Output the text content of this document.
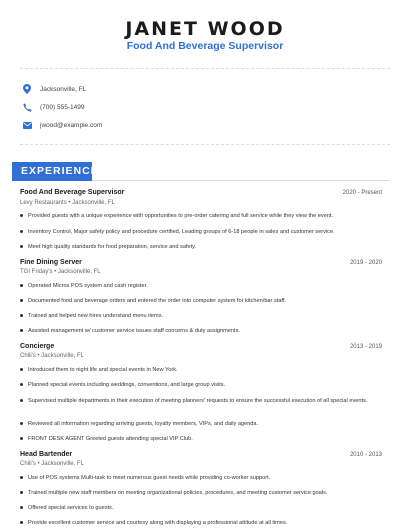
JANET WOOD
Food And Beverage Supervisor
Jacksonville, FL
(700) 555-1499
jwood@example.com
EXPERIENCE
Food And Beverage Supervisor	2020 - Present
Levy Restaurants • Jacksonville, FL
Provided guests with a unique experience with opportunities to pre-order catering and full service while they view the event.
Inventory Control, Major safety policy and procedure certified, Leading groups of 6-18 people in sales and customer service.
Meet high quality standards for food preparation, service and safety.
Fine Dining Server	2019 - 2020
TGI Friday's • Jacksonville, FL
Operated Micros POS system and cash register.
Documented food and beverage orders and entered the order into computer system for kitchen/bar staff.
Trained and helped new hires understand menu items.
Assisted management w/ customer service issues staff concerns & duty assignments.
Concierge	2013 - 2019
Chili's • Jacksonville, FL
Introduced them to night life and special events in New York.
Planned special events including weddings, conventions, and large group visits.
Supervised multiple departments in their execution of meeting planners' requests to ensure the successful execution of all special events.
Reviewed all information regarding arriving guests, loyalty members, VIPs, and daily agenda.
FRONT DESK AGENT Greeted guests attending special VIP Club.
Head Bartender	2010 - 2013
Chili's • Jacksonville, FL
Use of POS systems Multi-task to meet numerous guest needs while providing co-worker support.
Trained multiple new staff members on meeting organizational policies, procedures, and meeting customer service goals.
Offered special services to guests.
Provide excellent customer service and courtesy along with displaying a professional attitude at all times.
